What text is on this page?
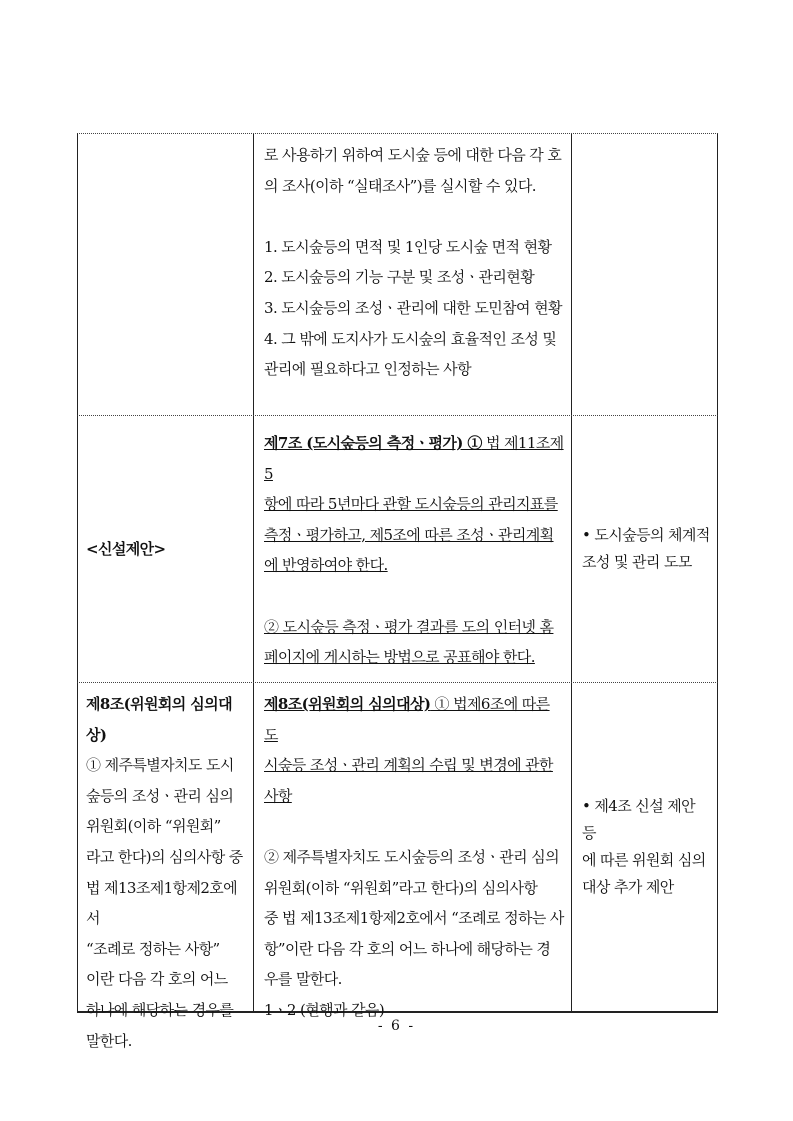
로 사용하기 위하여 도시숲 등에 대한 다음 각 호
의 조사(이하 “실태조사”)를 실시할 수 있다.
1. 도시숲등의 면적 및 1인당 도시숲 면적 현황
2. 도시숲등의 기능 구분 및 조성ㆍ관리현황
3. 도시숲등의 조성ㆍ관리에 대한 도민참여 현황
4. 그 밖에 도지사가 도시숲의 효율적인 조성 및
관리에 필요하다고 인정하는 사항
<신설제안>
제7조 (도시숲등의 측정ㆍ평가) ① 법 제11조제5
항에 따라 5년마다 관할 도시숲등의 관리지표를
측정ㆍ평가하고, 제5조에 따른 조성ㆍ관리계획
에 반영하여야 한다.
② 도시숲등 측정ㆍ평가 결과를 도의 인터넷 홈
페이지에 게시하는 방법으로 공표해야 한다.
• 도시숲등의 체계적
조성 및 관리 도모
제8조(위원회의 심의대상)
① 제주특별자치도 도시
숲등의 조성ㆍ관리 심의
위원회(이하 “위원회”
라고 한다)의 심의사항 중
법 제13조제1항제2호에서
“조례로 정하는 사항”
이란 다음 각 호의 어느
하나에 해당하는 경우를
말한다.
제8조(위원회의 심의대상) ① 법제6조에 따른 도
시숲등 조성ㆍ관리 계획의 수립 및 변경에 관한
사항
② 제주특별자치도 도시숲등의 조성ㆍ관리 심의
위원회(이하 “위원회”라고 한다)의 심의사항
중 법 제13조제1항제2호에서 “조례로 정하는 사
항”이란 다음 각 호의 어느 하나에 해당하는 경
우를 말한다.
1ㆍ2 (현행과 같음)
• 제4조 신설 제안 등
에 따른 위원회 심의
대상 추가 제안
- 6 -
